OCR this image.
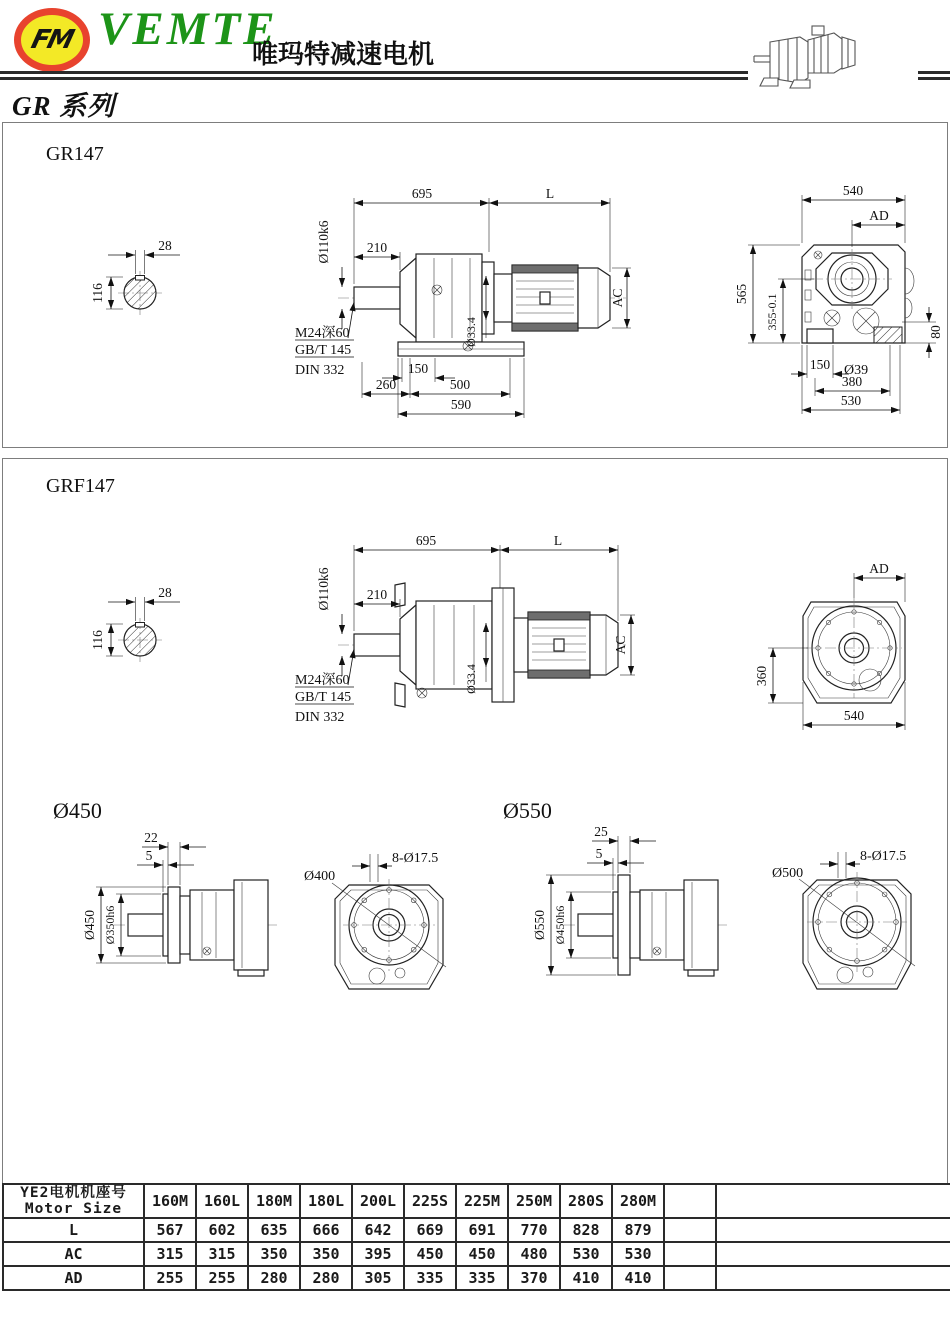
FM VEMTE
唯玛特减速电机
GR 系列
GR147
28
116
695	L
210
Ø110k6
AC
Ø33.4
M24深60
GB/T 145
DIN 332	150
260	500
590
540
AD
565 355-0.1
80
150 Ø39
380
530
GRF147
28
116
695	L
210
Ø110k6
AC
Ø33.4
M24深60
GB/T 145
DIN 332
AD
360
540
Ø450	Ø550
22
5
Ø450 Ø350h6
Ø400
8-Ø17.5
25
5
Ø550 Ø450h6
Ø500
8-Ø17.5
YE2电机机座号
Motor Size	160M	160L	180M	180L	200L	225S	225M	250M	280S	280M		
L	567	602	635	666	642	669	691	770	828	879		
AC	315	315	350	350	395	450	450	480	530	530		
AD	255	255	280	280	305	335	335	370	410	410		
